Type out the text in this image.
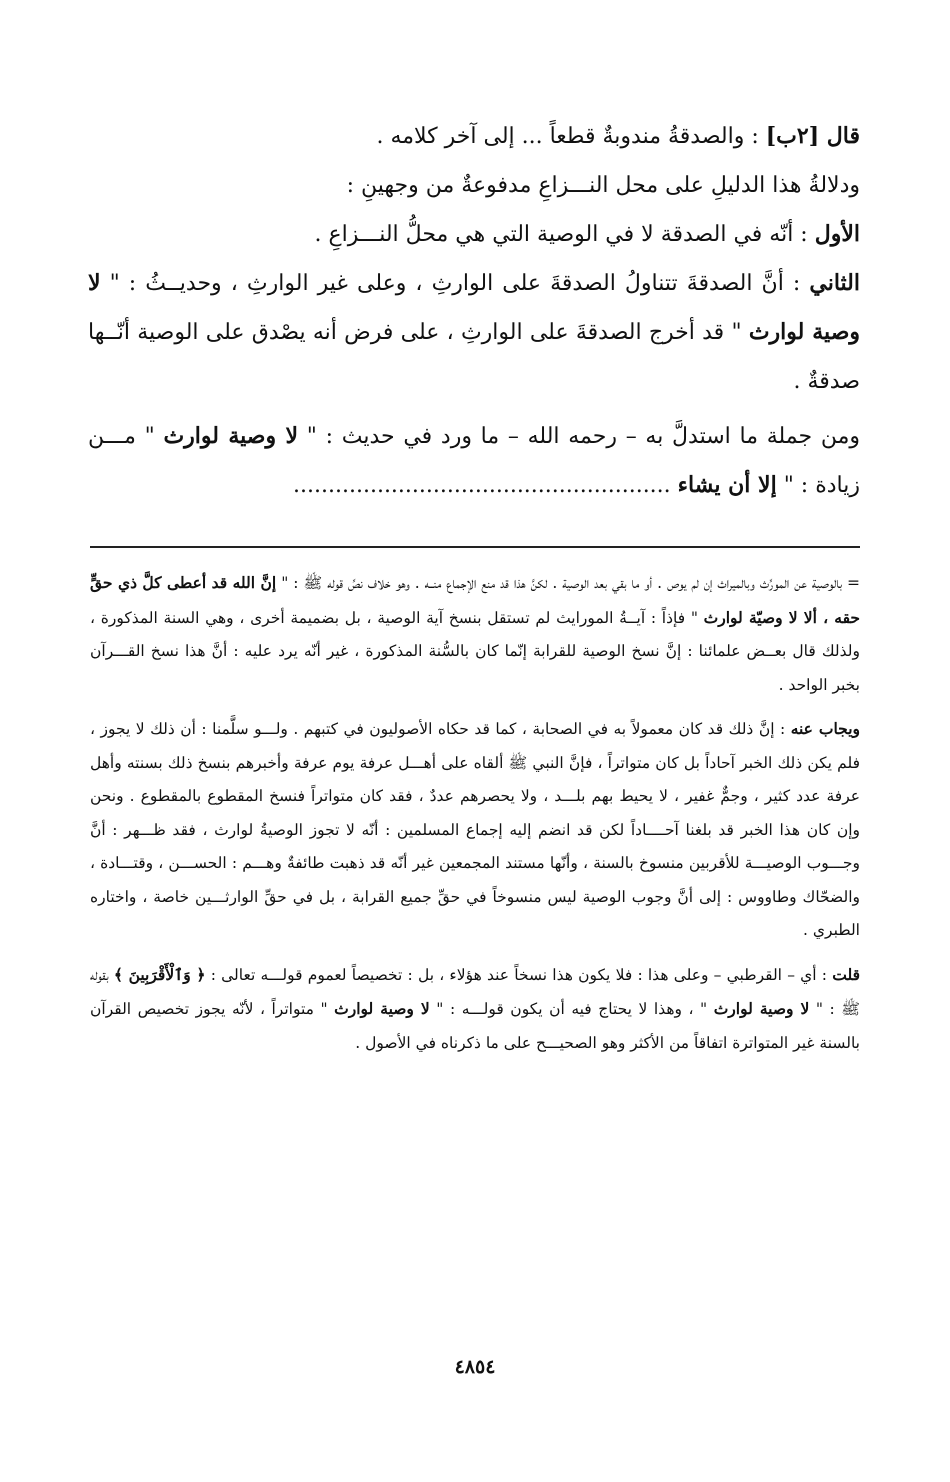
قال [٢ب] : والصدقةُ مندوبةٌ قطعاً ... إلى آخر كلامه .

ودلالةُ هذا الدليلِ على محل النـــزاعِ مدفوعةٌ من وجهينِ :

الأول : أنّه في الصدقة لا في الوصية التي هي محلُّ النـــزاعِ .

الثاني : أنَّ الصدقةَ تتناولُ الصدقةَ على الوارثِ ، وعلى غير الوارثِ ، وحديــثُ : " لا وصية لوارث " قد أخرج الصدقةَ على الوارثِ ، على فرض أنه يصْدق على الوصية أنّــها صدقةٌ .

ومن جملة ما استدلَّ به – رحمه الله – ما ورد في حديث : " لا وصية لوارث " مـــن زيادة : " إلا أن يشاء ......................................................

= بالوصية عن المورِّث وبالميراث إن لم يوص . أو ما بقي بعد الوصية . لكنَّ هذا قد منع الإجماع منــه . وهو خلاف نصِّ قوله ﷺ : " إنَّ الله قد أعطى كلَّ ذي حقٍّ حقه ، ألا لا وصيّة لوارث " فإذاً : آيــةُ المورايث لم تستقل بنسخ آية الوصية ، بل بضميمة أخرى ، وهي السنة المذكورة ، ولذلك قال بعــض علمائنا : إنَّ نسخ الوصية للقرابة إنّما كان بالسُّنة المذكورة ، غير أنّه يرد عليه : أنَّ هذا نسخ القـــرآن بخبر الواحد .

ويجاب عنه : إنَّ ذلك قد كان معمولاً به في الصحابة ، كما قد حكاه الأصوليون في كتبهم . ولـــو سلَّمنا : أن ذلك لا يجوز ، فلم يكن ذلك الخبر آحاداً بل كان متواتراً ، فإنَّ النبي ﷺ ألقاه على أهـــل عرفة يوم عرفة وأخبرهم بنسخ ذلك بسنته وأهل عرفة عدد كثير ، وجمٌّ غفير ، لا يحيط بهم بلـــد ، ولا يحصرهم عددٌ ، فقد كان متواتراً فنسخ المقطوع بالمقطوع . ونحن وإن كان هذا الخبر قد بلغنا آحــــاداً لكن قد انضم إليه إجماع المسلمين : أنّه لا تجوز الوصيةُ لوارث ، فقد ظـــهر : أنَّ وجـــوب الوصيـــة للأقربين منسوخ بالسنة ، وأنّها مستند المجمعين غير أنّه قد ذهبت طائفةٌ وهـــم : الحســـن ، وقتـــادة ، والضحّاك وطاووس : إلى أنَّ وجوب الوصية ليس منسوخاً في حقِّ جميع القرابة ، بل في حقِّ الوارثـــين خاصة ، واختاره الطبري .

قلت : أي – القرطبي – وعلى هذا : فلا يكون هذا نسخاً عند هؤلاء ، بل : تخصيصاً لعموم قولـــه تعالى : ﴿ وَٱلْأَقْرَبِينَ ﴾ بقوله ﷺ : " لا وصية لوارث " ، وهذا لا يحتاج فيه أن يكون قولـــه : " لا وصية لوارث " متواتراً ، لأنّه يجوز تخصيص القرآن بالسنة غير المتواترة اتفاقاً من الأكثر وهو الصحيـــح على ما ذكرناه في الأصول .

٤٨٥٤
